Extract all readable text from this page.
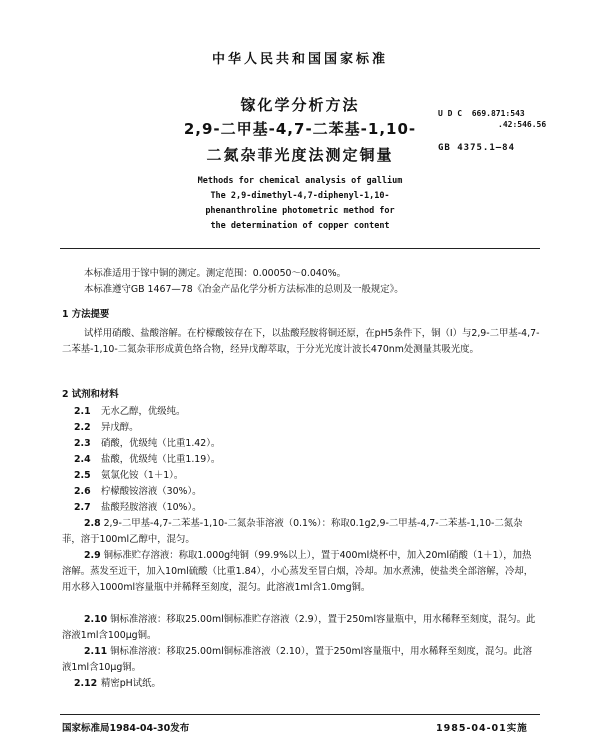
中华人民共和国国家标准
镓化学分析方法
2,9-二甲基-4,7-二苯基-1,10-
二氮杂菲光度法测定铜量
U D C  669.871:543
.42:546.56
GB 4375.1—84
Methods for chemical analysis of gallium
The 2,9-dimethyl-4,7-diphenyl-1,10-
phenanthroline photometric method for
the determination of copper content
本标准适用于镓中铜的测定。测定范围：0.00050～0.040%。
本标准遵守GB 1467—78《冶金产品化学分析方法标准的总则及一般规定》。
1 方法提要
试样用硝酸、盐酸溶解。在柠檬酸铵存在下，以盐酸羟胺将铜还原，在pH5条件下，铜（I）与2,9-二甲基-4,7-二苯基-1,10-二氮杂菲形成黄色络合物，经异戊醇萃取，于分光光度计波长470nm处测量其吸光度。
2 试剂和材料
2.1 无水乙醇，优级纯。
2.2 异戊醇。
2.3 硝酸，优级纯（比重1.42）。
2.4 盐酸，优级纯（比重1.19）。
2.5 氨氯化铵（1＋1）。
2.6 柠檬酸铵溶液（30%）。
2.7 盐酸羟胺溶液（10%）。
2.8 2,9-二甲基-4,7-二苯基-1,10-二氮杂菲溶液（0.1%）：称取0.1g2,9-二甲基-4,7-二苯基-1,10-二氮杂菲，溶于100ml乙醇中，混匀。
2.9 铜标准贮存溶液：称取1.000g纯铜（99.9%以上），置于400ml烧杯中，加入20ml硝酸（1＋1），加热溶解。蒸发至近干，加入10ml硫酸（比重1.84），小心蒸发至冒白烟，冷却。加水煮沸，使盐类全部溶解，冷却，用水移入1000ml容量瓶中并稀释至刻度，混匀。此溶液1ml含1.0mg铜。
2.10 铜标准溶液：移取25.00ml铜标准贮存溶液（2.9），置于250ml容量瓶中，用水稀释至刻度，混匀。此溶液1ml含100μg铜。
2.11 铜标准溶液：移取25.00ml铜标准溶液（2.10），置于250ml容量瓶中，用水稀释至刻度，混匀。此溶液1ml含10μg铜。
2.12 精密pH试纸。
国家标准局1984-04-30发布	1985-04-01实施
